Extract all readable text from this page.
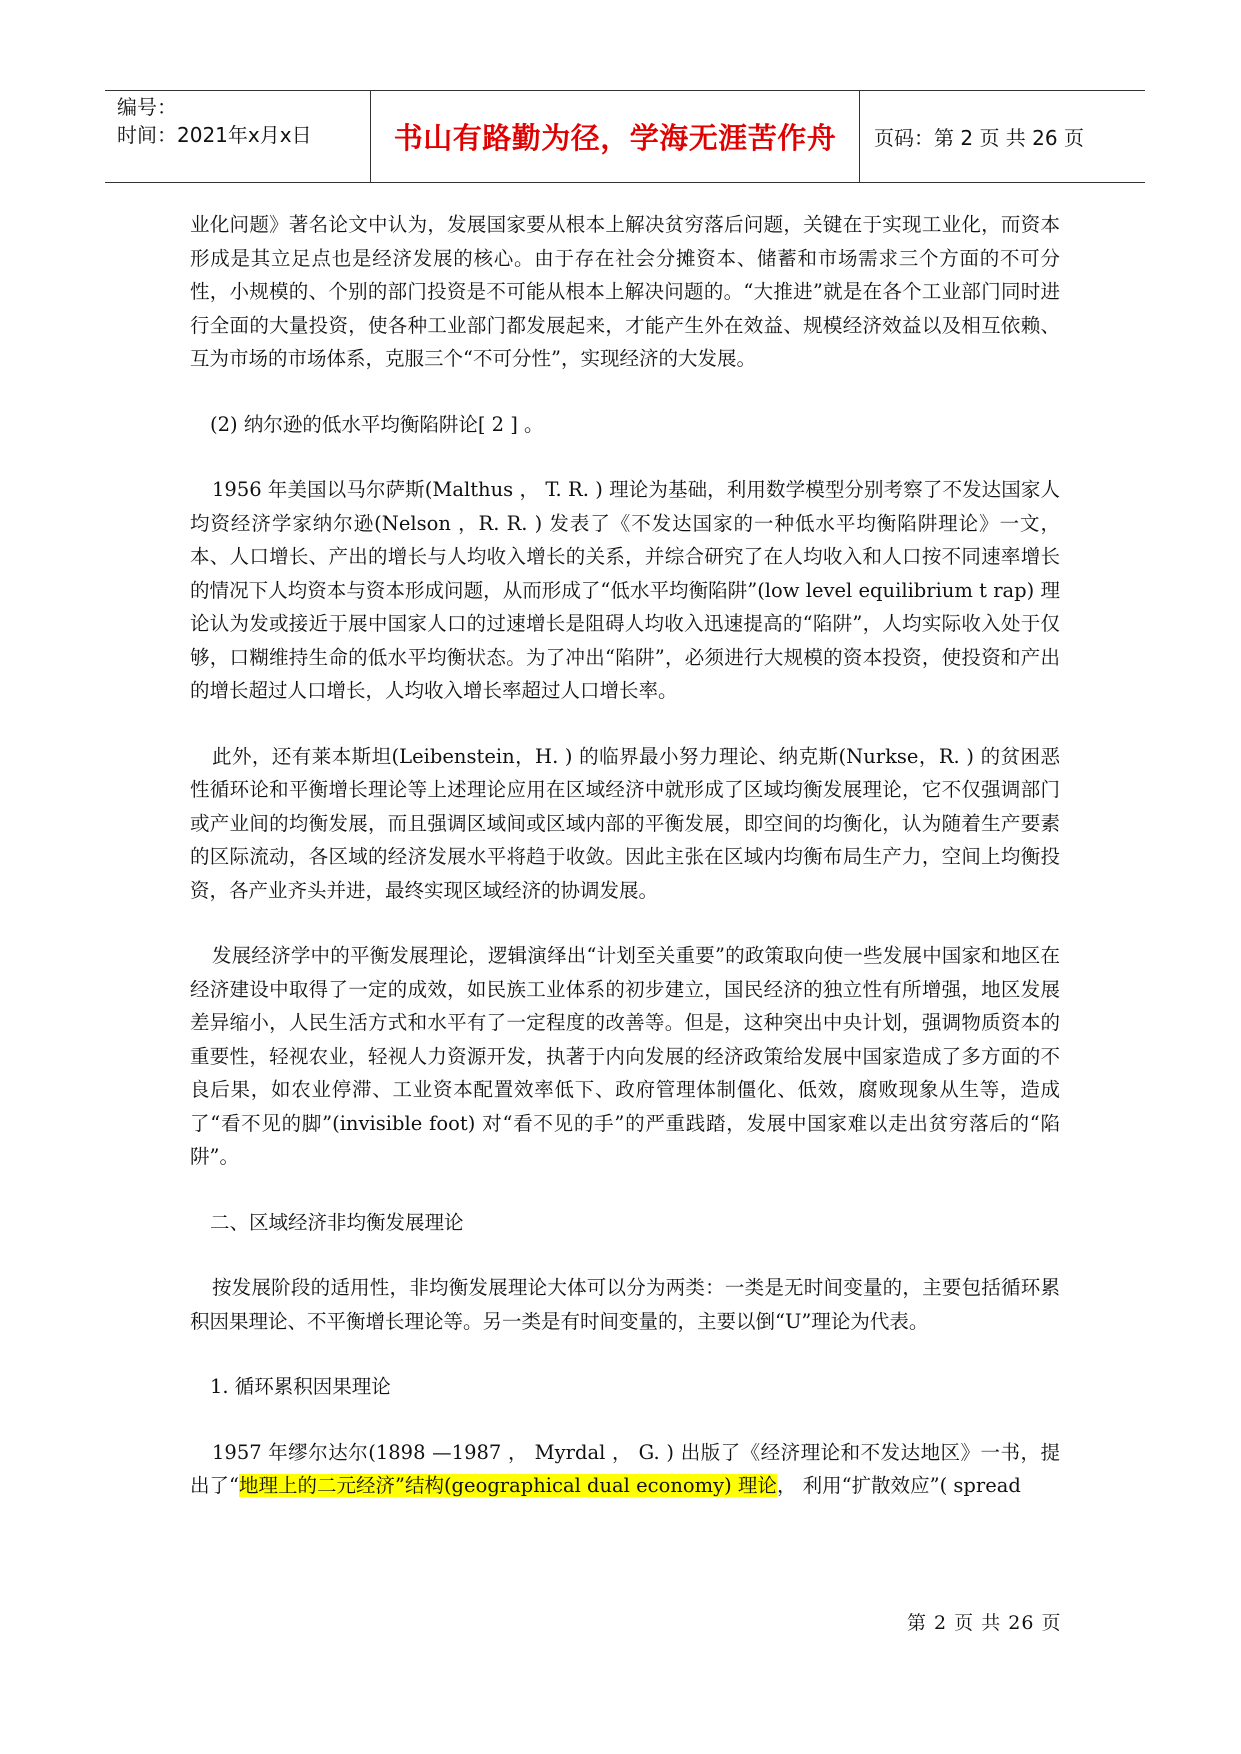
编号：
时间：2021年x月x日	书山有路勤为径，学海无涯苦作舟 页码：第 2 页 共 26 页

业化问题》著名论文中认为，发展国家要从根本上解决贫穷落后问题，关键在于实现工业化，而资本形成是其立足点也是经济发展的核心。由于存在社会分摊资本、储蓄和市场需求三个方面的不可分性，小规模的、个别的部门投资是不可能从根本上解决问题的。“大推进”就是在各个工业部门同时进行全面的大量投资，使各种工业部门都发展起来，才能产生外在效益、规模经济效益以及相互依赖、互为市场的市场体系，克服三个“不可分性”，实现经济的大发展。

(2) 纳尔逊的低水平均衡陷阱论[ 2 ] 。

1956 年美国以马尔萨斯(Malthus ， T. R. ) 理论为基础，利用数学模型分别考察了不发达国家人均资经济学家纳尔逊(Nelson ，R. R. ) 发表了《不发达国家的一种低水平均衡陷阱理论》一文，本、人口增长、产出的增长与人均收入增长的关系，并综合研究了在人均收入和人口按不同速率增长的情况下人均资本与资本形成问题，从而形成了“低水平均衡陷阱”(low level equilibrium t rap) 理论认为发或接近于展中国家人口的过速增长是阻碍人均收入迅速提高的“陷阱”，人均实际收入处于仅够，口糊维持生命的低水平均衡状态。为了冲出“陷阱”，必须进行大规模的资本投资，使投资和产出的增长超过人口增长，人均收入增长率超过人口增长率。

此外，还有莱本斯坦(Leibenstein，H. ) 的临界最小努力理论、纳克斯(Nurkse，R. ) 的贫困恶性循环论和平衡增长理论等上述理论应用在区域经济中就形成了区域均衡发展理论，它不仅强调部门或产业间的均衡发展，而且强调区域间或区域内部的平衡发展，即空间的均衡化，认为随着生产要素的区际流动，各区域的经济发展水平将趋于收敛。因此主张在区域内均衡布局生产力，空间上均衡投资，各产业齐头并进，最终实现区域经济的协调发展。

发展经济学中的平衡发展理论，逻辑演绎出“计划至关重要”的政策取向使一些发展中国家和地区在经济建设中取得了一定的成效，如民族工业体系的初步建立，国民经济的独立性有所增强，地区发展差异缩小，人民生活方式和水平有了一定程度的改善等。但是，这种突出中央计划，强调物质资本的重要性，轻视农业，轻视人力资源开发，执著于内向发展的经济政策给发展中国家造成了多方面的不良后果，如农业停滞、工业资本配置效率低下、政府管理体制僵化、低效，腐败现象从生等，造成了“看不见的脚”(invisible foot) 对“看不见的手”的严重践踏，发展中国家难以走出贫穷落后的“陷阱”。

二、区域经济非均衡发展理论

按发展阶段的适用性，非均衡发展理论大体可以分为两类：一类是无时间变量的，主要包括循环累积因果理论、不平衡增长理论等。另一类是有时间变量的，主要以倒“U”理论为代表。

1. 循环累积因果理论

1957 年缪尔达尔(1898 —1987 ， Myrdal ， G. ) 出版了《经济理论和不发达地区》一书，提出了“地理上的二元经济”结构(geographical dual economy) 理论， 利用“扩散效应”( spread

第 2 页 共 26 页
